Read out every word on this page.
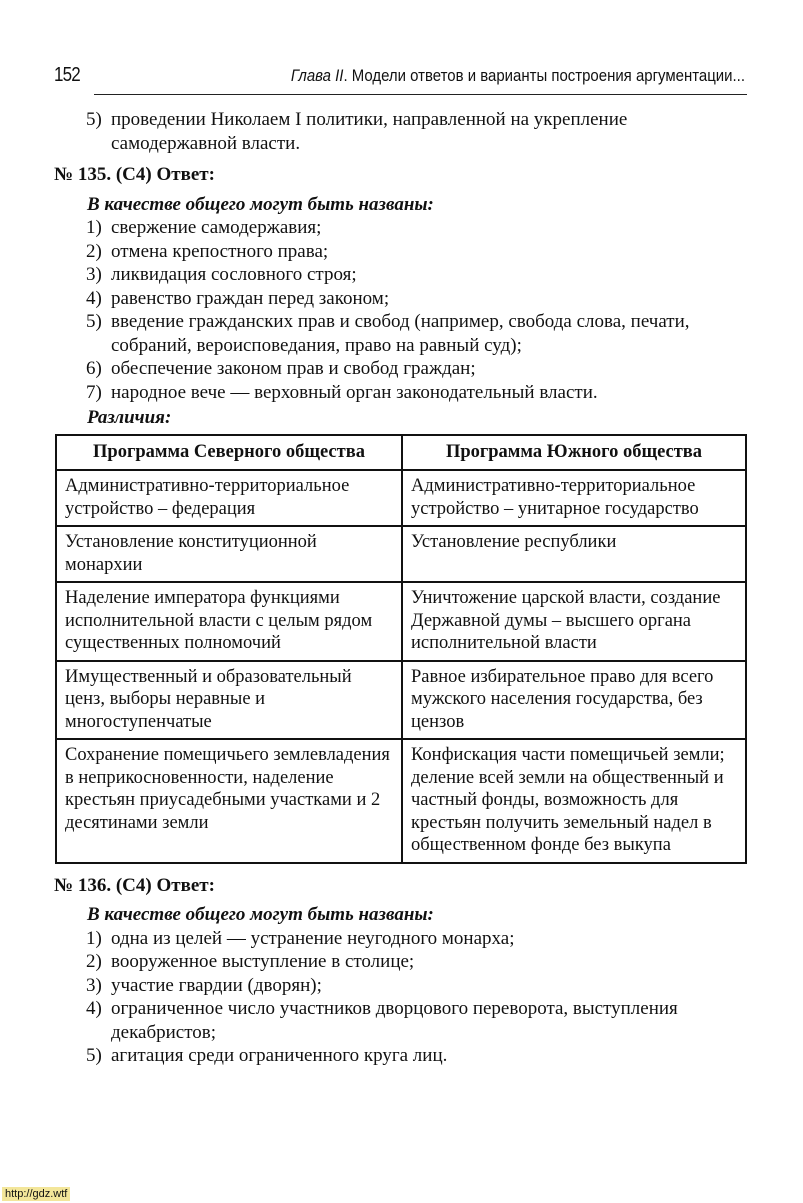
152	Глава II. Модели ответов и варианты построения аргументации...
5) проведении Николаем I политики, направленной на укрепление самодержавной власти.
№ 135. (С4) Ответ:
В качестве общего могут быть названы:
1) свержение самодержавия;
2) отмена крепостного права;
3) ликвидация сословного строя;
4) равенство граждан перед законом;
5) введение гражданских прав и свобод (например, свобода слова, печати, собраний, вероисповедания, право на равный суд);
6) обеспечение законом прав и свобод граждан;
7) народное вече — верховный орган законодательный власти.
Различия:
Программа Северного общества	Программа Южного общества
Административно-территориальное устройство – федерация	Административно-территориальное устройство – унитарное государство
Установление конституционной монархии	Установление республики
Наделение императора функциями исполнительной власти с целым рядом существенных полномочий	Уничтожение царской власти, создание Державной думы – высшего органа исполнительной власти
Имущественный и образовательный ценз, выборы неравные и многоступенчатые	Равное избирательное право для всего мужского населения государства, без цензов
Сохранение помещичьего землевладения в неприкосновенности, наделение крестьян приусадебными участками и 2 десятинами земли	Конфискация части помещичьей земли; деление всей земли на общественный и частный фонды, возможность для крестьян получить земельный надел в общественном фонде без выкупа
№ 136. (С4) Ответ:
В качестве общего могут быть названы:
1) одна из целей — устранение неугодного монарха;
2) вооруженное выступление в столице;
3) участие гвардии (дворян);
4) ограниченное число участников дворцового переворота, выступления декабристов;
5) агитация среди ограниченного круга лиц.
http://gdz.wtf
